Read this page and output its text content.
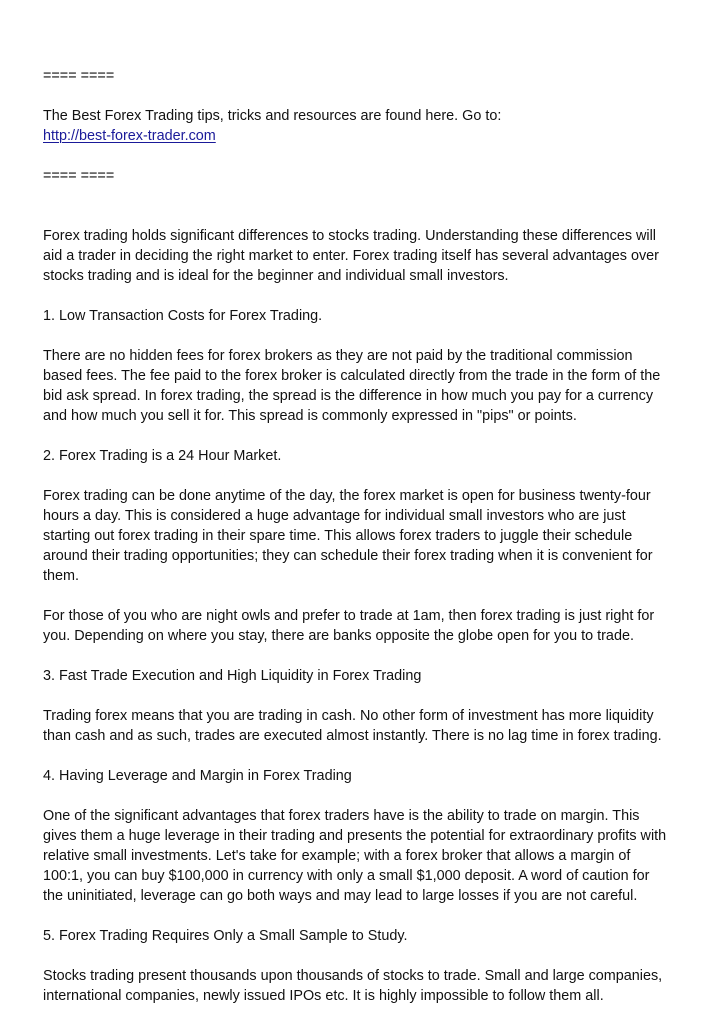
==== ====
The Best Forex Trading tips, tricks and resources are found here. Go to:
http://best-forex-trader.com
==== ====
Forex trading holds significant differences to stocks trading. Understanding these differences will
aid a trader in deciding the right market to enter. Forex trading itself has several advantages over
stocks trading and is ideal for the beginner and individual small investors.
1. Low Transaction Costs for Forex Trading.
There are no hidden fees for forex brokers as they are not paid by the traditional commission
based fees. The fee paid to the forex broker is calculated directly from the trade in the form of the
bid ask spread. In forex trading, the spread is the difference in how much you pay for a currency
and how much you sell it for. This spread is commonly expressed in "pips" or points.
2. Forex Trading is a 24 Hour Market.
Forex trading can be done anytime of the day, the forex market is open for business twenty-four
hours a day. This is considered a huge advantage for individual small investors who are just
starting out forex trading in their spare time. This allows forex traders to juggle their schedule
around their trading opportunities; they can schedule their forex trading when it is convenient for
them.
For those of you who are night owls and prefer to trade at 1am, then forex trading is just right for
you. Depending on where you stay, there are banks opposite the globe open for you to trade.
3. Fast Trade Execution and High Liquidity in Forex Trading
Trading forex means that you are trading in cash. No other form of investment has more liquidity
than cash and as such, trades are executed almost instantly. There is no lag time in forex trading.
4. Having Leverage and Margin in Forex Trading
One of the significant advantages that forex traders have is the ability to trade on margin. This
gives them a huge leverage in their trading and presents the potential for extraordinary profits with
relative small investments. Let's take for example; with a forex broker that allows a margin of
100:1, you can buy $100,000 in currency with only a small $1,000 deposit. A word of caution for
the uninitiated, leverage can go both ways and may lead to large losses if you are not careful.
5. Forex Trading Requires Only a Small Sample to Study.
Stocks trading present thousands upon thousands of stocks to trade. Small and large companies,
international companies, newly issued IPOs etc. It is highly impossible to follow them all.
